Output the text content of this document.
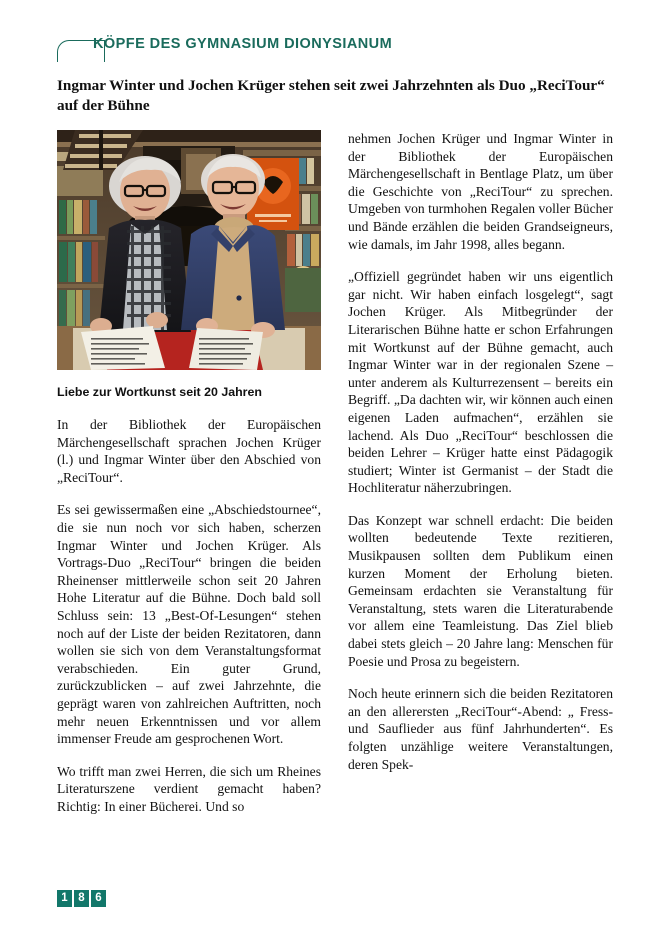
KÖPFE DES GYMNASIUM DIONYSIANUM
Ingmar Winter und Jochen Krüger stehen seit zwei Jahrzehnten als Duo „ReciTour“ auf der Bühne
Liebe zur Wortkunst seit 20 Jahren

In der Bibliothek der Europäischen Märchengesellschaft sprachen Jochen Krüger (l.) und Ingmar Winter über den Abschied von „ReciTour“.

Es sei gewissermaßen eine „Abschiedstournee“, die sie nun noch vor sich haben, scherzen Ingmar Winter und Jochen Krüger. Als Vortrags-Duo „ReciTour“ bringen die beiden Rheinenser mittlerweile schon seit 20 Jahren Hohe Literatur auf die Bühne. Doch bald soll Schluss sein: 13 „Best-Of-Lesungen“ stehen noch auf der Liste der beiden Rezitatoren, dann wollen sie sich von dem Veranstaltungsformat verabschieden. Ein guter Grund, zurückzublicken – auf zwei Jahrzehnte, die geprägt waren von zahlreichen Auftritten, noch mehr neuen Erkenntnissen und vor allem immenser Freude am gesprochenen Wort.

Wo trifft man zwei Herren, die sich um Rheines Literaturszene verdient gemacht haben? Richtig: In einer Bücherei. Und so

nehmen Jochen Krüger und Ingmar Winter in der Bibliothek der Europäischen Märchengesellschaft in Bentlage Platz, um über die Geschichte von „ReciTour“ zu sprechen. Umgeben von turmhohen Regalen voller Bücher und Bände erzählen die beiden Grandseigneurs, wie damals, im Jahr 1998, alles begann.

„Offiziell gegründet haben wir uns eigentlich gar nicht. Wir haben einfach losgelegt“, sagt Jochen Krüger. Als Mitbegründer der Literarischen Bühne hatte er schon Erfahrungen mit Wortkunst auf der Bühne gemacht, auch Ingmar Winter war in der regionalen Szene – unter anderem als Kulturrezensent – bereits ein Begriff. „Da dachten wir, wir können auch einen eigenen Laden aufmachen“, erzählen sie lachend. Als Duo „ReciTour“ beschlossen die beiden Lehrer – Krüger hatte einst Pädagogik studiert; Winter ist Germanist – der Stadt die Hochliteratur näherzubringen.

Das Konzept war schnell erdacht: Die beiden wollten bedeutende Texte rezitieren, Musikpausen sollten dem Publikum einen kurzen Moment der Erholung bieten. Gemeinsam erdachten sie Veranstaltung für Veranstaltung, stets waren die Literaturabende vor allem eine Teamleistung. Das Ziel blieb dabei stets gleich – 20 Jahre lang: Menschen für Poesie und Prosa zu begeistern.

Noch heute erinnern sich die beiden Rezitatoren an den allerersten „ReciTour“-Abend: „ Fress- und Sauflieder aus fünf Jahrhunderten“. Es folgten unzählige weitere Veranstaltungen, deren Spek-

1 8 6
